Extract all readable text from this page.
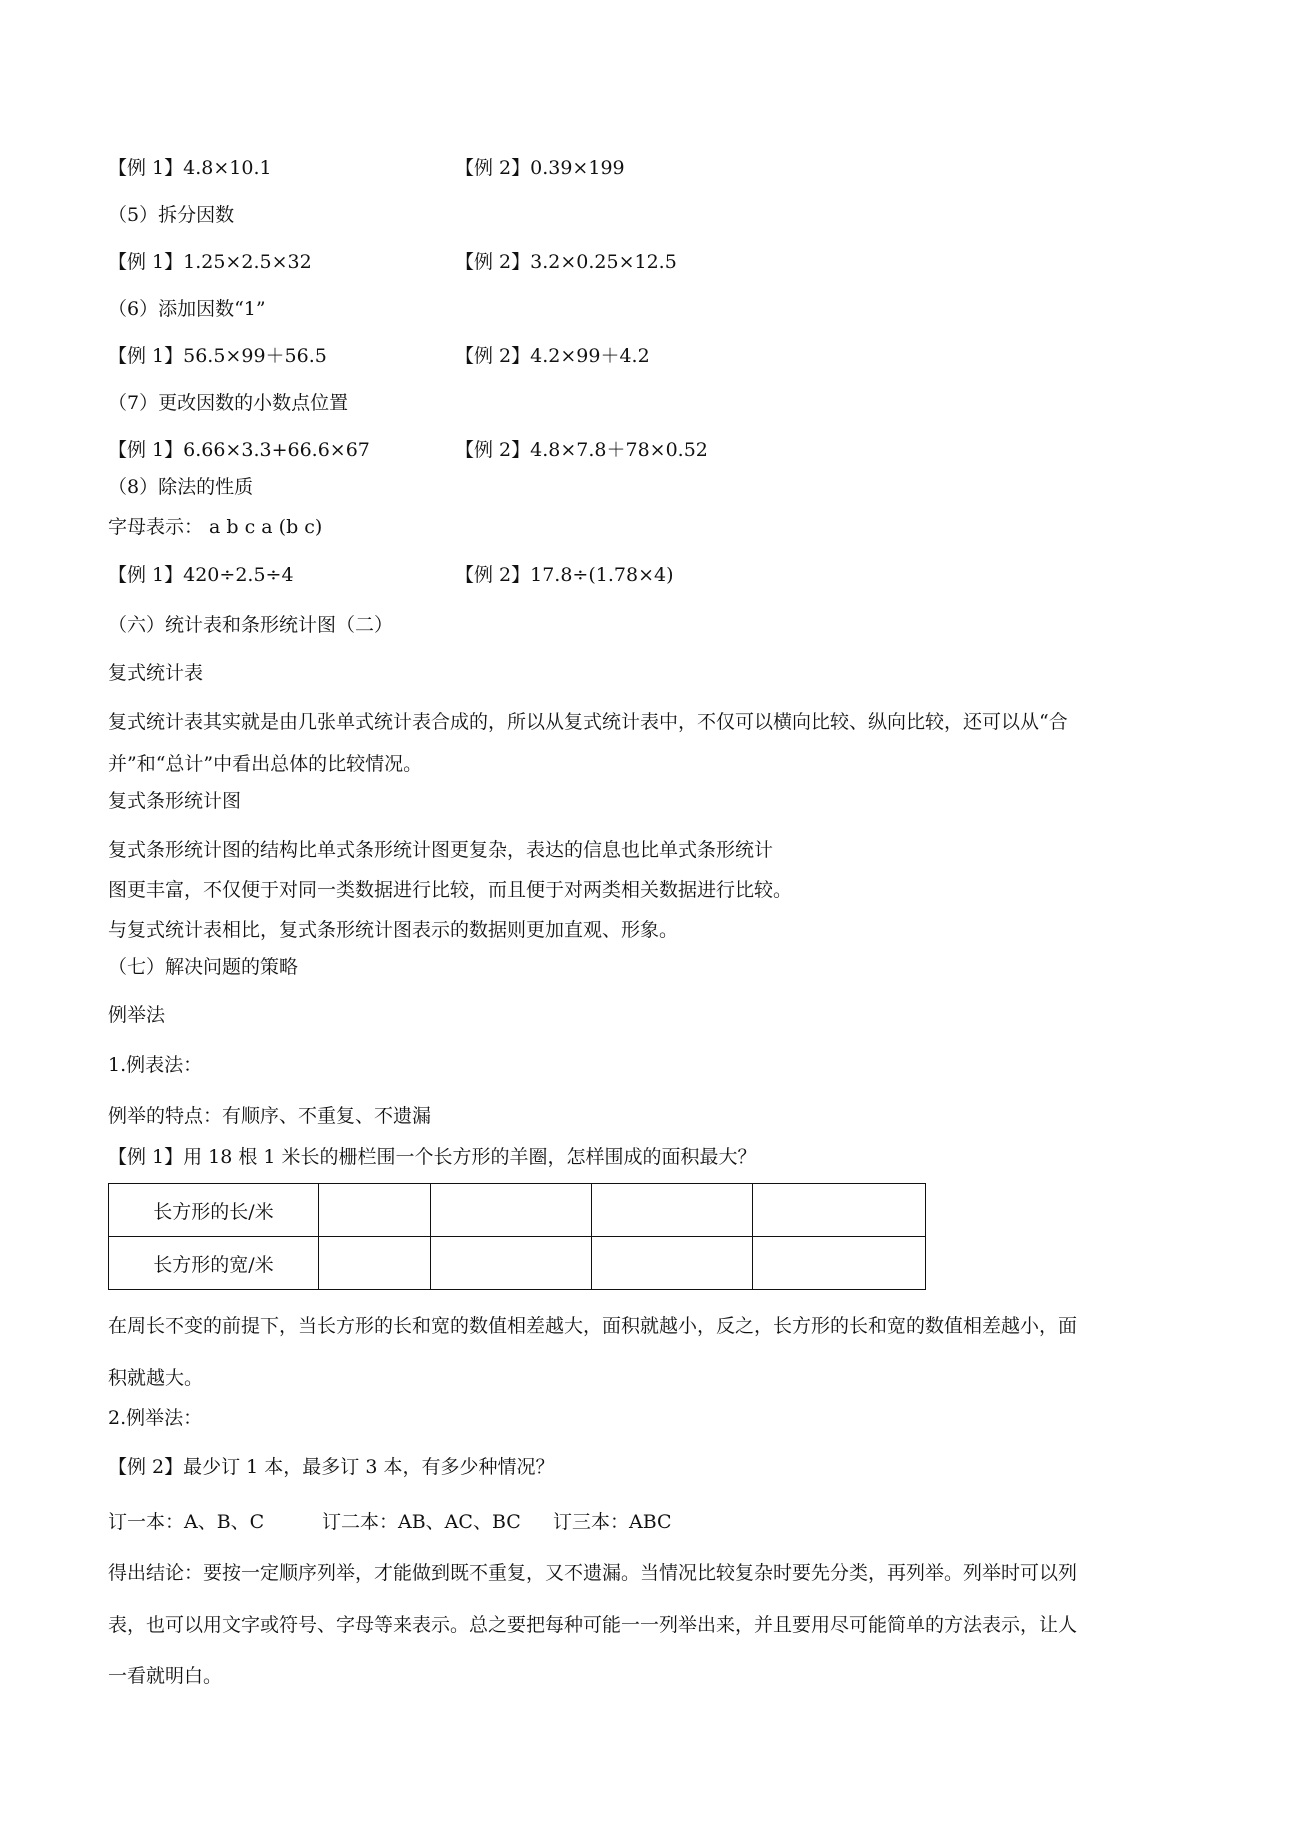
【例 1】4.8×10.1	【例 2】0.39×199
（5）拆分因数
【例 1】1.25×2.5×32	【例 2】3.2×0.25×12.5
（6）添加因数“1”
【例 1】56.5×99＋56.5	【例 2】4.2×99＋4.2
（7）更改因数的小数点位置
【例 1】6.66×3.3+66.6×67	【例 2】4.8×7.8＋78×0.52
（8）除法的性质
字母表示： a b c a (b c)
【例 1】420÷2.5÷4	【例 2】17.8÷(1.78×4)
（六）统计表和条形统计图（二）
复式统计表
复式统计表其实就是由几张单式统计表合成的，所以从复式统计表中，不仅可以横向比较、纵向比较，还可以从“合
并”和“总计”中看出总体的比较情况。
复式条形统计图
复式条形统计图的结构比单式条形统计图更复杂，表达的信息也比单式条形统计
图更丰富，不仅便于对同一类数据进行比较，而且便于对两类相关数据进行比较。
与复式统计表相比，复式条形统计图表示的数据则更加直观、形象。
（七）解决问题的策略
例举法
1.例表法：
例举的特点：有顺序、不重复、不遗漏
【例 1】用 18 根 1 米长的栅栏围一个长方形的羊圈，怎样围成的面积最大？
长方形的长/米				
长方形的宽/米				
在周长不变的前提下，当长方形的长和宽的数值相差越大，面积就越小，反之，长方形的长和宽的数值相差越小，面
积就越大。
2.例举法：
【例 2】最少订 1 本，最多订 3 本，有多少种情况？
订一本：A、B、C	订二本：AB、AC、BC 订三本：ABC
得出结论：要按一定顺序列举，才能做到既不重复，又不遗漏。当情况比较复杂时要先分类，再列举。列举时可以列
表，也可以用文字或符号、字母等来表示。总之要把每种可能一一列举出来，并且要用尽可能简单的方法表示，让人
一看就明白。
